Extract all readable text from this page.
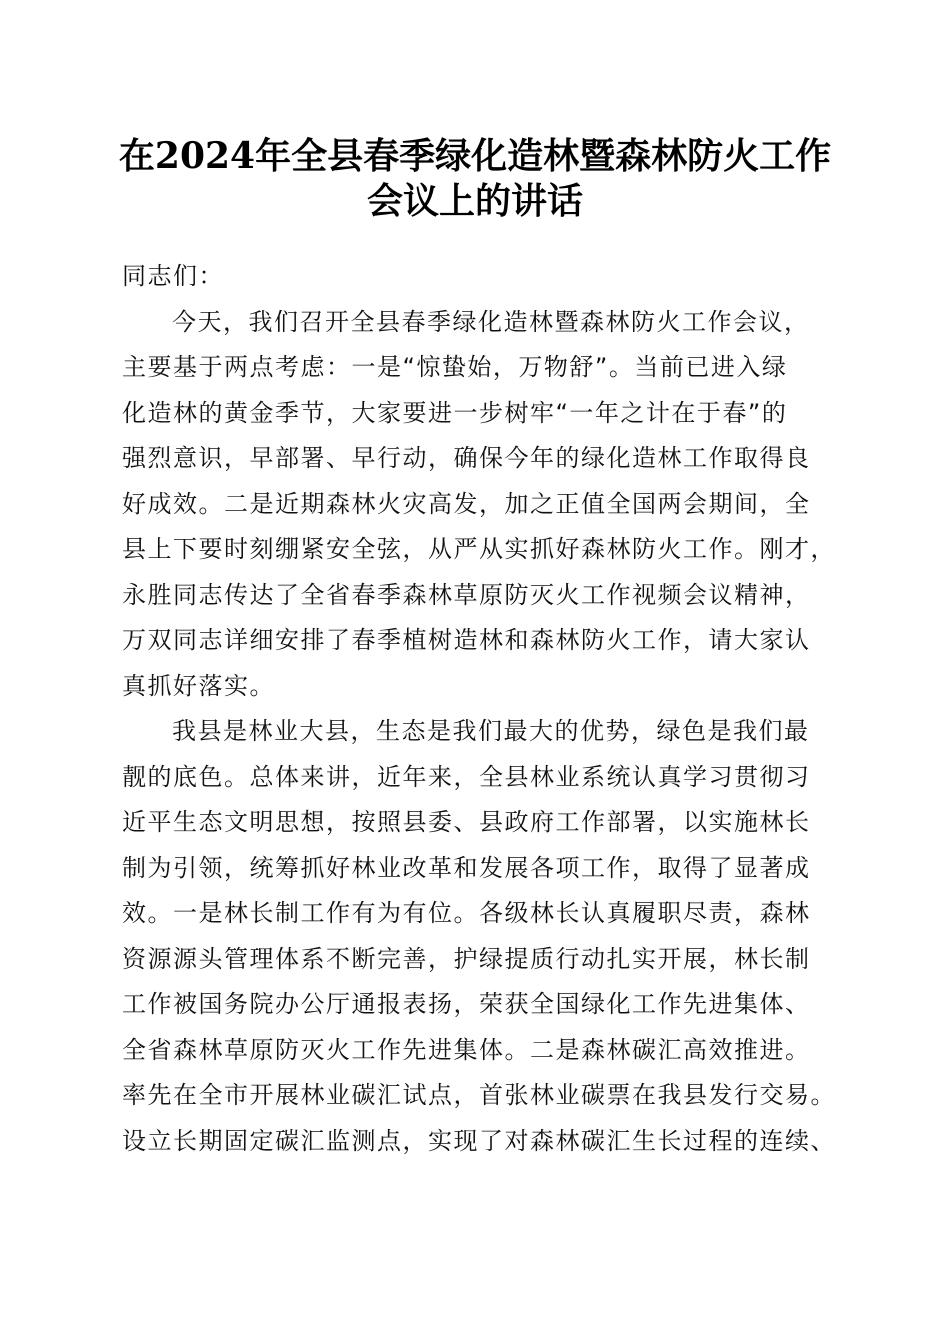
在2024年全县春季绿化造林暨森林防火工作
会议上的讲话
同志们：
今天，我们召开全县春季绿化造林暨森林防火工作会议，
主要基于两点考虑：一是“惊蛰始，万物舒”。当前已进入绿
化造林的黄金季节，大家要进一步树牢“一年之计在于春”的
强烈意识，早部署、早行动，确保今年的绿化造林工作取得良
好成效。二是近期森林火灾高发，加之正值全国两会期间，全
县上下要时刻绷紧安全弦，从严从实抓好森林防火工作。刚才，
永胜同志传达了全省春季森林草原防灭火工作视频会议精神，
万双同志详细安排了春季植树造林和森林防火工作，请大家认
真抓好落实。
我县是林业大县，生态是我们最大的优势，绿色是我们最
靓的底色。总体来讲，近年来，全县林业系统认真学习贯彻习
近平生态文明思想，按照县委、县政府工作部署，以实施林长
制为引领，统筹抓好林业改革和发展各项工作，取得了显著成
效。一是林长制工作有为有位。各级林长认真履职尽责，森林
资源源头管理体系不断完善，护绿提质行动扎实开展，林长制
工作被国务院办公厅通报表扬，荣获全国绿化工作先进集体、
全省森林草原防灭火工作先进集体。二是森林碳汇高效推进。
率先在全市开展林业碳汇试点，首张林业碳票在我县发行交易。
设立长期固定碳汇监测点，实现了对森林碳汇生长过程的连续、
